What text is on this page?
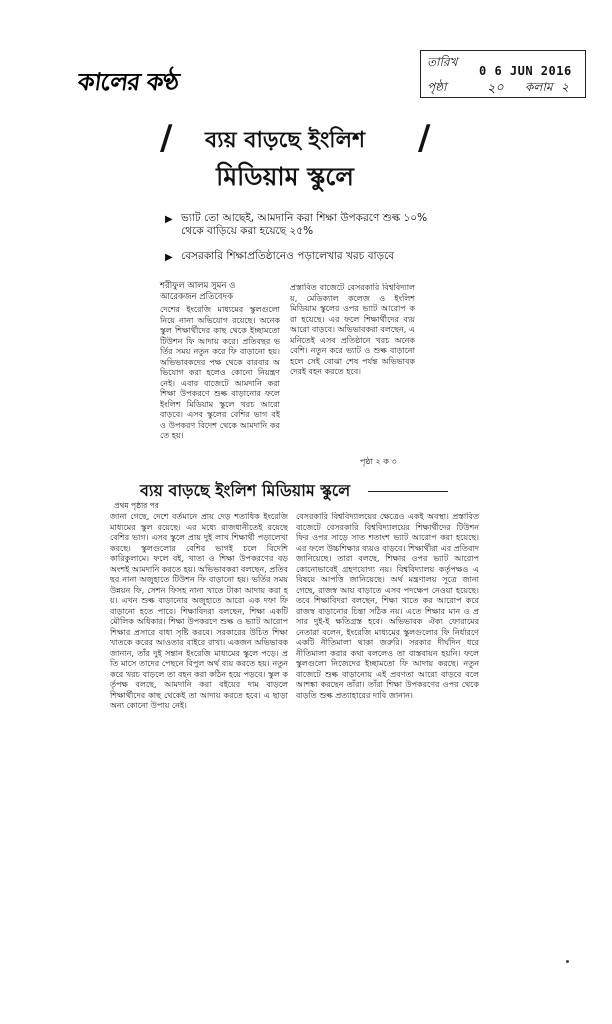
কালের কণ্ঠ
তারিখ
0 6 JUN 2016
পৃষ্ঠা	২০ কলাম ২
/	/
ব্যয় বাড়ছে ইংলিশ
মিডিয়াম স্কুলে
▶ ভ্যাট তো আছেই, আমদানি করা শিক্ষা উপকরণে শুল্ক ১০% থেকে বাড়িয়ে করা হয়েছে ২৫%
▶ বেসরকারি শিক্ষাপ্রতিষ্ঠানেও পড়ালেখার খরচ বাড়বে
শরীফুল আলম সুমন ও আরেকজন প্রতিবেদক
দেশের ইংরেজি মাধ্যমের স্কুলগুলো নিয়ে নানা অভিযোগ রয়েছে। অনেক স্কুল শিক্ষার্থীদের কাছ থেকে ইচ্ছামতো টিউশন ফি আদায় করে। প্রতিবছর ভর্তির সময় নতুন করে ফি বাড়ানো হয়। অভিভাবকদের পক্ষ থেকে বারবার অভিযোগ করা হলেও কোনো নিয়ন্ত্রণ নেই। এবার বাজেটে আমদানি করা শিক্ষা উপকরণে শুল্ক বাড়ানোর ফলে ইংলিশ মিডিয়াম স্কুলে খরচ আরো বাড়বে। এসব স্কুলের বেশির ভাগ বই ও উপকরণ বিদেশ থেকে আমদানি করতে হয়।
প্রস্তাবিত বাজেটে বেসরকারি বিশ্ববিদ্যালয়, মেডিক্যাল কলেজ ও ইংলিশ মিডিয়াম স্কুলের ওপর ভ্যাট আরোপ করা হয়েছে। এর ফলে শিক্ষার্থীদের ব্যয় আরো বাড়বে। অভিভাবকরা বলছেন, এমনিতেই এসব প্রতিষ্ঠানে খরচ অনেক বেশি। নতুন করে ভ্যাট ও শুল্ক বাড়ানো হলে সেই বোঝা শেষ পর্যন্ত অভিভাবকদেরই বহন করতে হবে।
পৃষ্ঠা ২ ক ৩
ব্যয় বাড়ছে ইংলিশ মিডিয়াম স্কুলে
প্রথম পৃষ্ঠার পর
জানা গেছে, দেশে বর্তমানে প্রায় দেড় শতাধিক ইংরেজি মাধ্যমের স্কুল রয়েছে। এর মধ্যে রাজধানীতেই রয়েছে বেশির ভাগ। এসব স্কুলে প্রায় দুই লাখ শিক্ষার্থী পড়ালেখা করছে। স্কুলগুলোর বেশির ভাগই চলে বিদেশি কারিকুলামে। ফলে বই, খাতা ও শিক্ষা উপকরণের বড় অংশই আমদানি করতে হয়। অভিভাবকরা বলছেন, প্রতিবছর নানা অজুহাতে টিউশন ফি বাড়ানো হয়। ভর্তির সময় উন্নয়ন ফি, সেশন ফিসহ নানা খাতে টাকা আদায় করা হয়। এখন শুল্ক বাড়ানোর অজুহাতে আরো এক দফা ফি বাড়ানো হতে পারে। শিক্ষাবিদরা বলছেন, শিক্ষা একটি মৌলিক অধিকার। শিক্ষা উপকরণে শুল্ক ও ভ্যাট আরোপ শিক্ষার প্রসারে বাধা সৃষ্টি করবে। সরকারের উচিত শিক্ষা খাতকে করের আওতার বাইরে রাখা। একজন অভিভাবক জানান, তাঁর দুই সন্তান ইংরেজি মাধ্যমের স্কুলে পড়ে। প্রতি মাসে তাদের পেছনে বিপুল অর্থ ব্যয় করতে হয়। নতুন করে খরচ বাড়লে তা বহন করা কঠিন হয়ে পড়বে। স্কুল কর্তৃপক্ষ বলছে, আমদানি করা বইয়ের দাম বাড়লে শিক্ষার্থীদের কাছ থেকেই তা আদায় করতে হবে। এ ছাড়া অন্য কোনো উপায় নেই।
বেসরকারি বিশ্ববিদ্যালয়ের ক্ষেত্রেও একই অবস্থা। প্রস্তাবিত বাজেটে বেসরকারি বিশ্ববিদ্যালয়ের শিক্ষার্থীদের টিউশন ফির ওপর সাড়ে সাত শতাংশ ভ্যাট আরোপ করা হয়েছে। এর ফলে উচ্চশিক্ষার ব্যয়ও বাড়বে। শিক্ষার্থীরা এর প্রতিবাদ জানিয়েছে। তারা বলছে, শিক্ষার ওপর ভ্যাট আরোপ কোনোভাবেই গ্রহণযোগ্য নয়। বিশ্ববিদ্যালয় কর্তৃপক্ষও এ বিষয়ে আপত্তি জানিয়েছে। অর্থ মন্ত্রণালয় সূত্রে জানা গেছে, রাজস্ব আয় বাড়াতে এসব পদক্ষেপ নেওয়া হয়েছে। তবে শিক্ষাবিদরা বলছেন, শিক্ষা খাতে কর আরোপ করে রাজস্ব বাড়ানোর চিন্তা সঠিক নয়। এতে শিক্ষার মান ও প্রসার দুই-ই ক্ষতিগ্রস্ত হবে। অভিভাবক ঐক্য ফোরামের নেতারা বলেন, ইংরেজি মাধ্যমের স্কুলগুলোর ফি নির্ধারণে একটি নীতিমালা থাকা জরুরি। সরকার দীর্ঘদিন ধরে নীতিমালা করার কথা বললেও তা বাস্তবায়ন হয়নি। ফলে স্কুলগুলো নিজেদের ইচ্ছামতো ফি আদায় করছে। নতুন বাজেটে শুল্ক বাড়ানোয় এই প্রবণতা আরো বাড়বে বলে আশঙ্কা করছেন তাঁরা। তাঁরা শিক্ষা উপকরণের ওপর থেকে বাড়তি শুল্ক প্রত্যাহারের দাবি জানান।
